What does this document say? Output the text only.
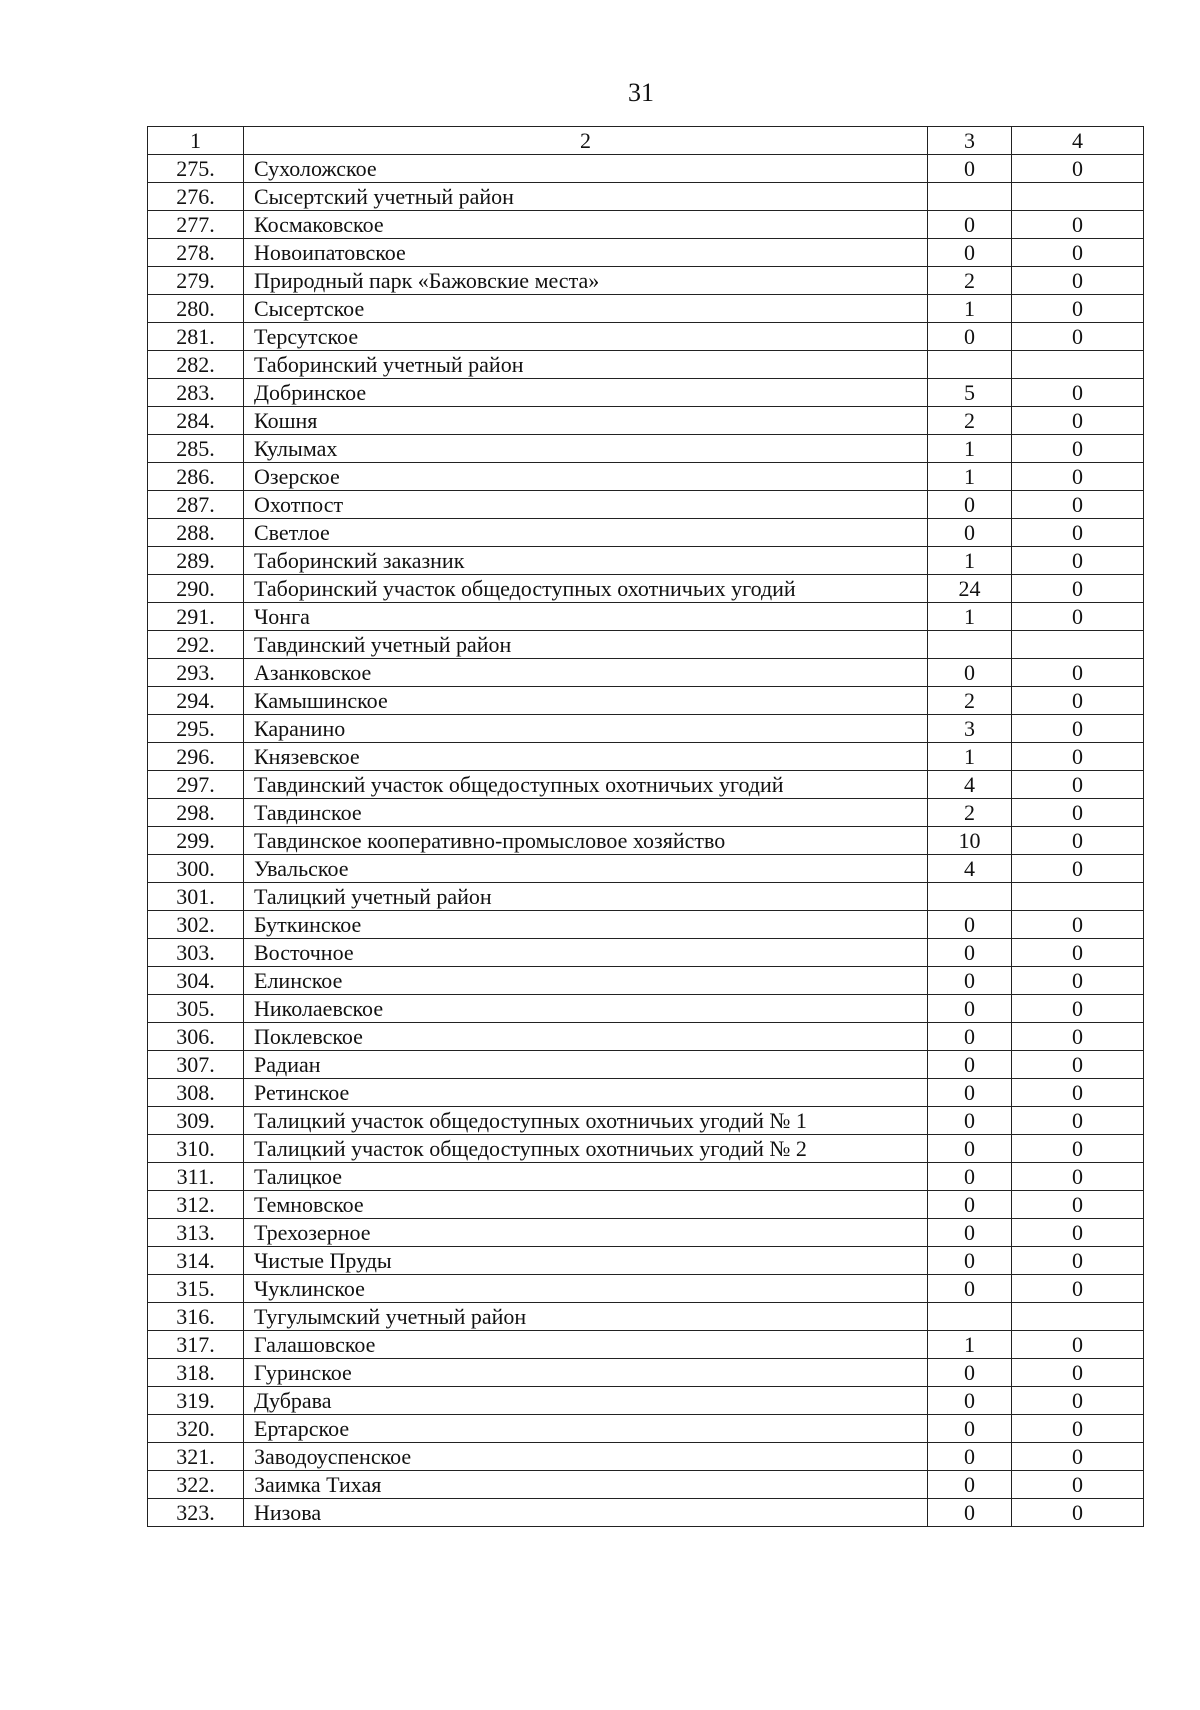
31
1	2	3	4
275.	Сухоложское	0	0
276.	Сысертский учетный район		
277.	Космаковское	0	0
278.	Новоипатовское	0	0
279.	Природный парк «Бажовские места»	2	0
280.	Сысертское	1	0
281.	Терсутское	0	0
282.	Таборинский учетный район		
283.	Добринское	5	0
284.	Кошня	2	0
285.	Кулымах	1	0
286.	Озерское	1	0
287.	Охотпост	0	0
288.	Светлое	0	0
289.	Таборинский заказник	1	0
290.	Таборинский участок общедоступных охотничьих угодий	24	0
291.	Чонга	1	0
292.	Тавдинский учетный район		
293.	Азанковское	0	0
294.	Камышинское	2	0
295.	Каранино	3	0
296.	Князевское	1	0
297.	Тавдинский участок общедоступных охотничьих угодий	4	0
298.	Тавдинское	2	0
299.	Тавдинское кооперативно-промысловое хозяйство	10	0
300.	Увальское	4	0
301.	Талицкий учетный район		
302.	Буткинское	0	0
303.	Восточное	0	0
304.	Елинское	0	0
305.	Николаевское	0	0
306.	Поклевское	0	0
307.	Радиан	0	0
308.	Ретинское	0	0
309.	Талицкий участок общедоступных охотничьих угодий № 1	0	0
310.	Талицкий участок общедоступных охотничьих угодий № 2	0	0
311.	Талицкое	0	0
312.	Темновское	0	0
313.	Трехозерное	0	0
314.	Чистые Пруды	0	0
315.	Чуклинское	0	0
316.	Тугулымский учетный район		
317.	Галашовское	1	0
318.	Гуринское	0	0
319.	Дубрава	0	0
320.	Ертарское	0	0
321.	Заводоуспенское	0	0
322.	Заимка Тихая	0	0
323.	Низова	0	0
